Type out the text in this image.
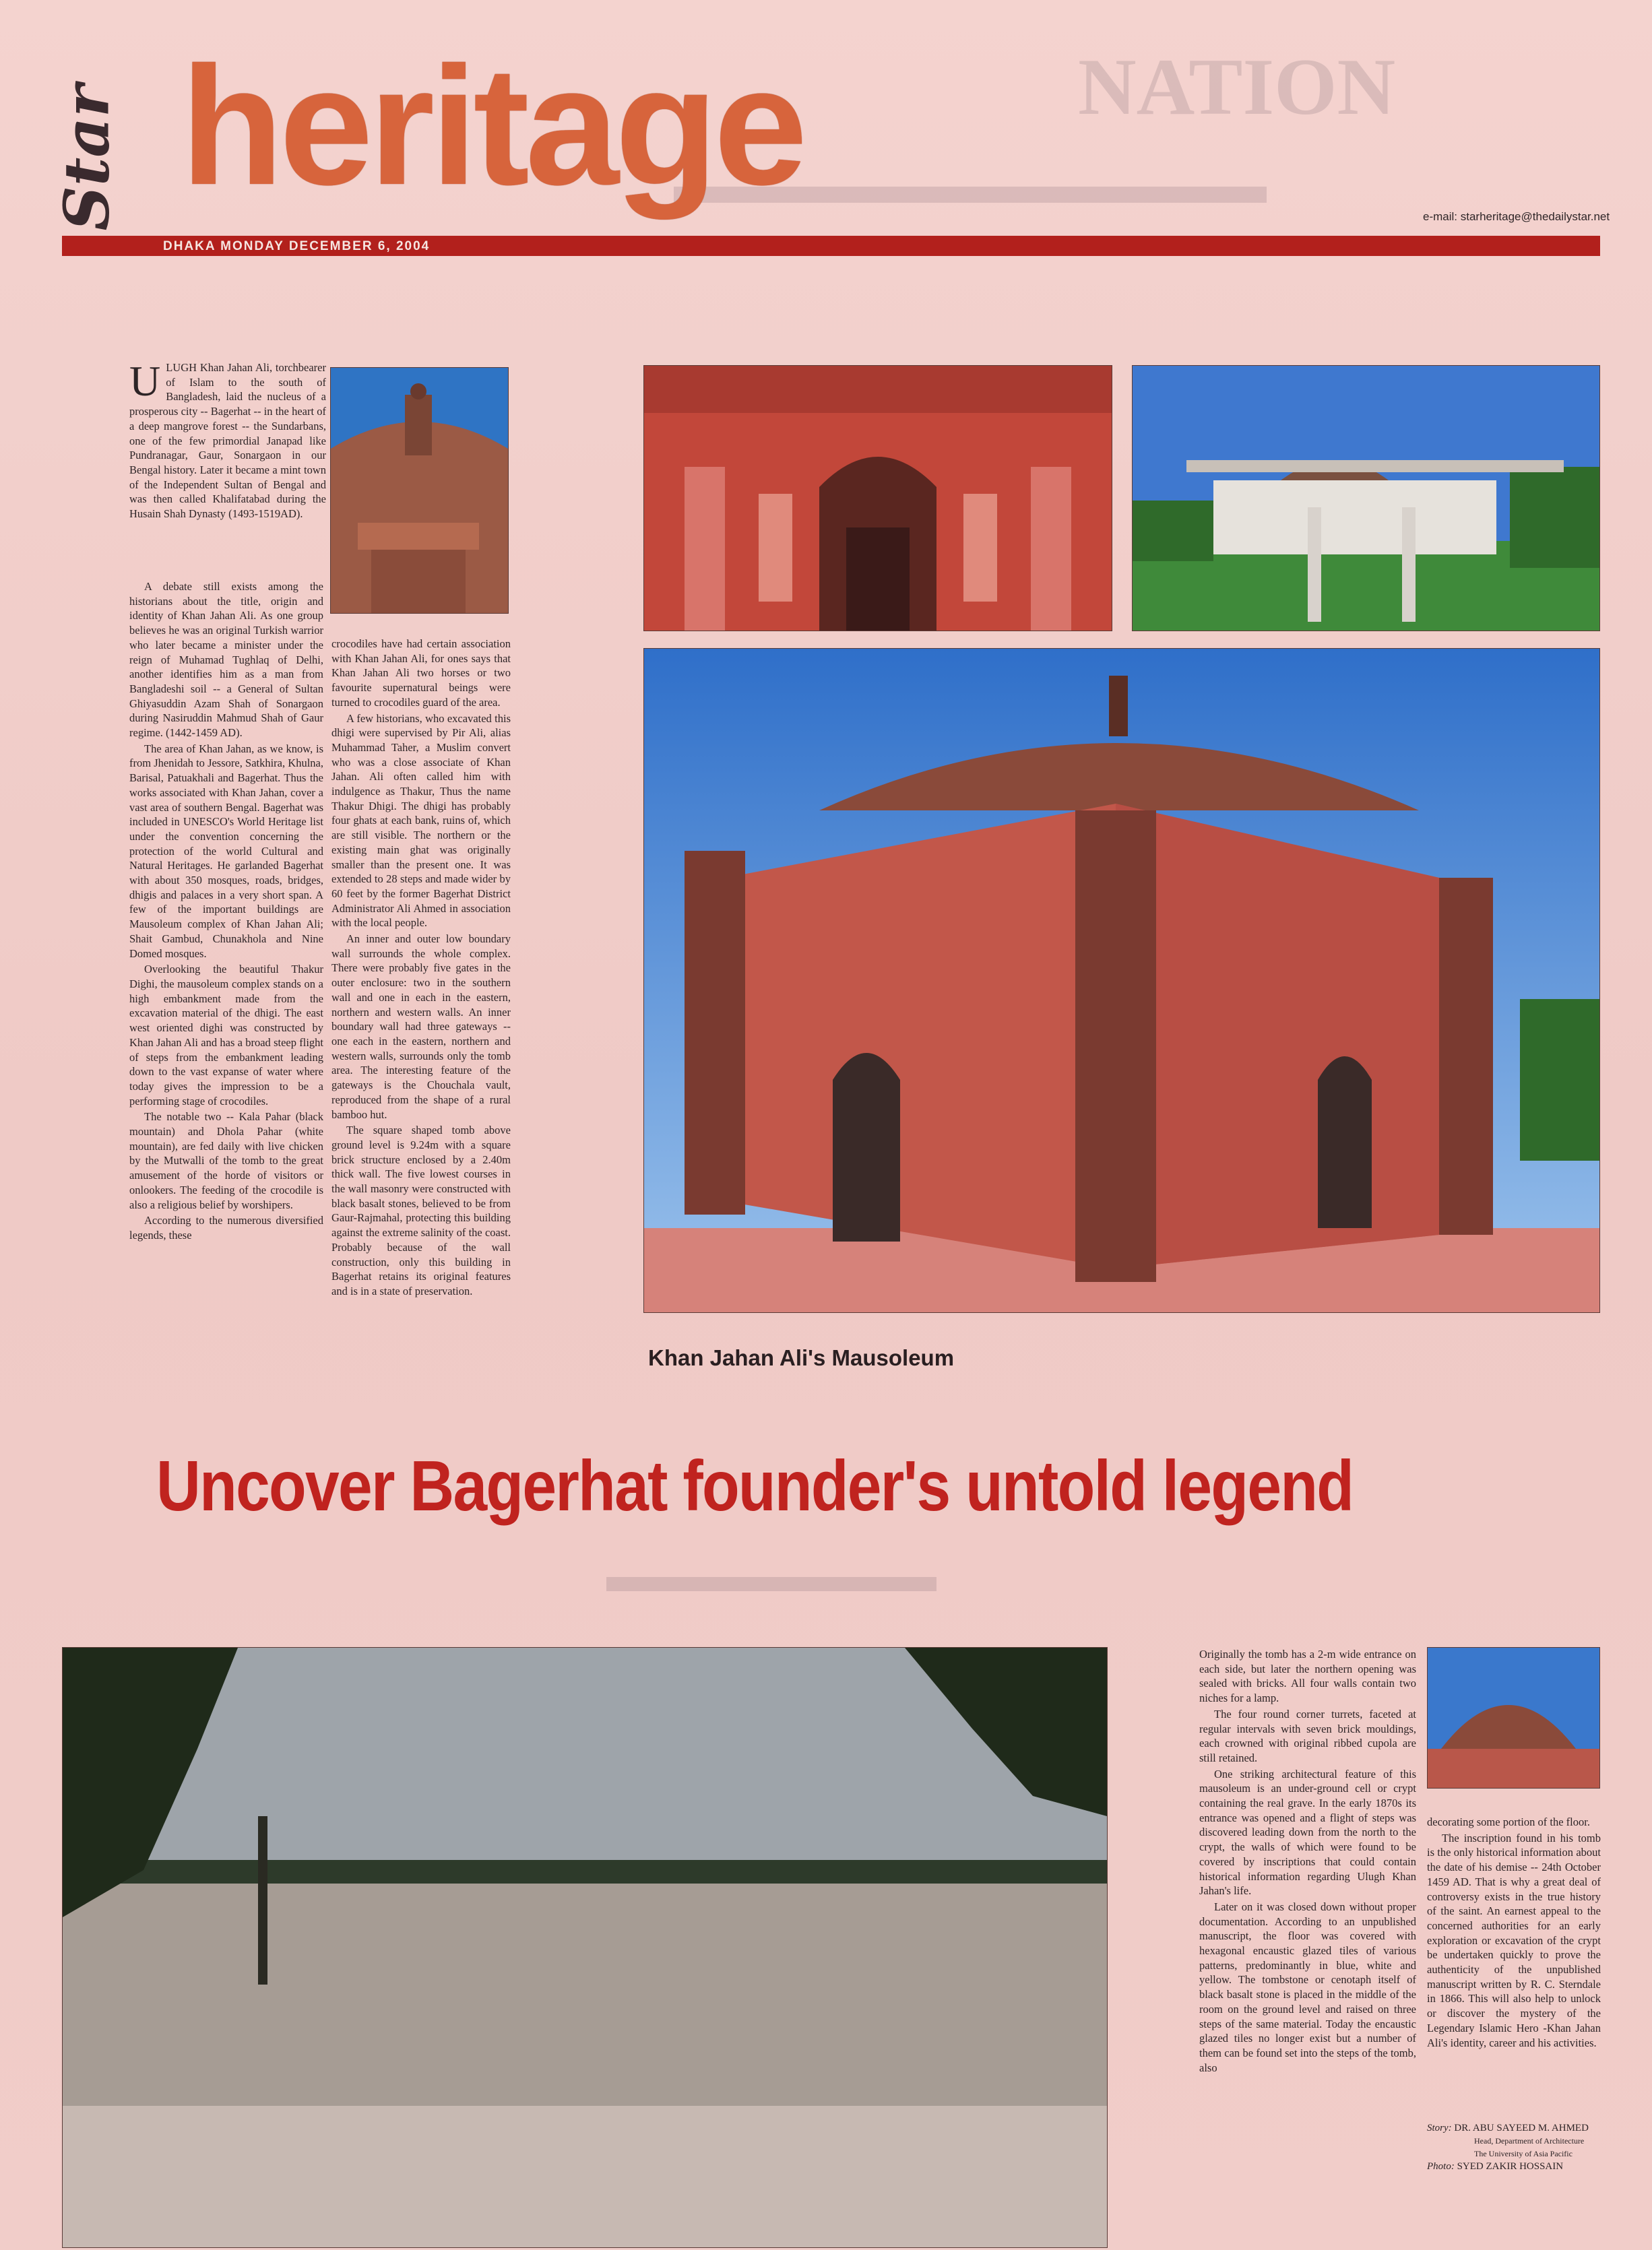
NATION
▬▬▬▬▬▬▬▬▬▬▬
▬▬▬▬▬▬▬
Star heritage	e-mail: starheritage@thedailystar.net
DHAKA MONDAY DECEMBER 6, 2004
U LUGH Khan Jahan Ali, torchbearer of Islam to the south of Bangladesh, laid the nucleus of a prosperous city -- Bagerhat -- in the heart of a deep mangrove forest -- the Sundarbans, one of the few primordial Janapad like Pundranagar, Gaur, Sonargaon in our Bengal history. Later it became a mint town of the Independent Sultan of Bengal and was then called Khalifatabad during the Husain Shah Dynasty (1493-1519AD).

A debate still exists among the historians about the title, origin and identity of Khan Jahan Ali. As one group believes he was an original Turkish warrior who later became a minister under the reign of Muhamad Tughlaq of Delhi, another identifies him as a man from Bangladeshi soil -- a General of Sultan Ghiyasuddin Azam Shah of Sonargaon during Nasiruddin Mahmud Shah of Gaur regime. (1442-1459 AD).

The area of Khan Jahan, as we know, is from Jhenidah to Jessore, Satkhira, Khulna, Barisal, Patuakhali and Bagerhat. Thus the works associated with Khan Jahan, cover a vast area of southern Bengal. Bagerhat was included in UNESCO's World Heritage list under the convention concerning the protection of the world Cultural and Natural Heritages. He garlanded Bagerhat with about 350 mosques, roads, bridges, dhigis and palaces in a very short span. A few of the important buildings are Mausoleum complex of Khan Jahan Ali; Shait Gambud, Chunakhola and Nine Domed mosques.

Overlooking the beautiful Thakur Dighi, the mausoleum complex stands on a high embankment made from the excavation material of the dhigi. The east west oriented dighi was constructed by Khan Jahan Ali and has a broad steep flight of steps from the embankment leading down to the vast expanse of water where today gives the impression to be a performing stage of crocodiles.

The notable two -- Kala Pahar (black mountain) and Dhola Pahar (white mountain), are fed daily with live chicken by the Mutwalli of the tomb to the great amusement of the horde of visitors or onlookers. The feeding of the crocodile is also a religious belief by worshipers.

According to the numerous diversified legends, these

crocodiles have had certain association with Khan Jahan Ali, for ones says that Khan Jahan Ali two horses or two favourite supernatural beings were turned to crocodiles guard of the area.

A few historians, who excavated this dhigi were supervised by Pir Ali, alias Muhammad Taher, a Muslim convert who was a close associate of Khan Jahan. Ali often called him with indulgence as Thakur, Thus the name Thakur Dhigi. The dhigi has probably four ghats at each bank, ruins of, which are still visible. The northern or the existing main ghat was originally smaller than the present one. It was extended to 28 steps and made wider by 60 feet by the former Bagerhat District Administrator Ali Ahmed in association with the local people.

An inner and outer low boundary wall surrounds the whole complex. There were probably five gates in the outer enclosure: two in the southern wall and one in each in the eastern, northern and western walls. An inner boundary wall had three gateways -- one each in the eastern, northern and western walls, surrounds only the tomb area. The interesting feature of the gateways is the Chouchala vault, reproduced from the shape of a rural bamboo hut.

The square shaped tomb above ground level is 9.24m with a square brick structure enclosed by a 2.40m thick wall. The five lowest courses in the wall masonry were constructed with black basalt stones, believed to be from Gaur-Rajmahal, protecting this building against the extreme salinity of the coast. Probably because of the wall construction, only this building in Bagerhat retains its original features and is in a state of preservation.

Khan Jahan Ali's Mausoleum
Uncover Bagerhat founder's untold legend

Originally the tomb has a 2-m wide entrance on each side, but later the northern opening was sealed with bricks. All four walls contain two niches for a lamp.

The four round corner turrets, faceted at regular intervals with seven brick mouldings, each crowned with original ribbed cupola are still retained.

One striking architectural feature of this mausoleum is an under-ground cell or crypt containing the real grave. In the early 1870s its entrance was opened and a flight of steps was discovered leading down from the north to the crypt, the walls of which were found to be covered by inscriptions that could contain historical information regarding Ulugh Khan Jahan's life.

Later on it was closed down without proper documentation. According to an unpublished manuscript, the floor was covered with hexagonal encaustic glazed tiles of various patterns, predominantly in blue, white and yellow. The tombstone or cenotaph itself of black basalt stone is placed in the middle of the room on the ground level and raised on three steps of the same material. Today the encaustic glazed tiles no longer exist but a number of them can be found set into the steps of the tomb, also

decorating some portion of the floor.

The inscription found in his tomb is the only historical information about the date of his demise -- 24th October 1459 AD. That is why a great deal of controversy exists in the true history of the saint. An earnest appeal to the concerned authorities for an early exploration or excavation of the crypt be undertaken quickly to prove the authenticity of the unpublished manuscript written by R. C. Sterndale in 1866. This will also help to unlock or discover the mystery of the Legendary Islamic Hero -Khan Jahan Ali's identity, career and his activities.

Story: DR. ABU SAYEED M. AHMED
Head, Department of Architecture
The University of Asia Pacific
Photo: SYED ZAKIR HOSSAIN
